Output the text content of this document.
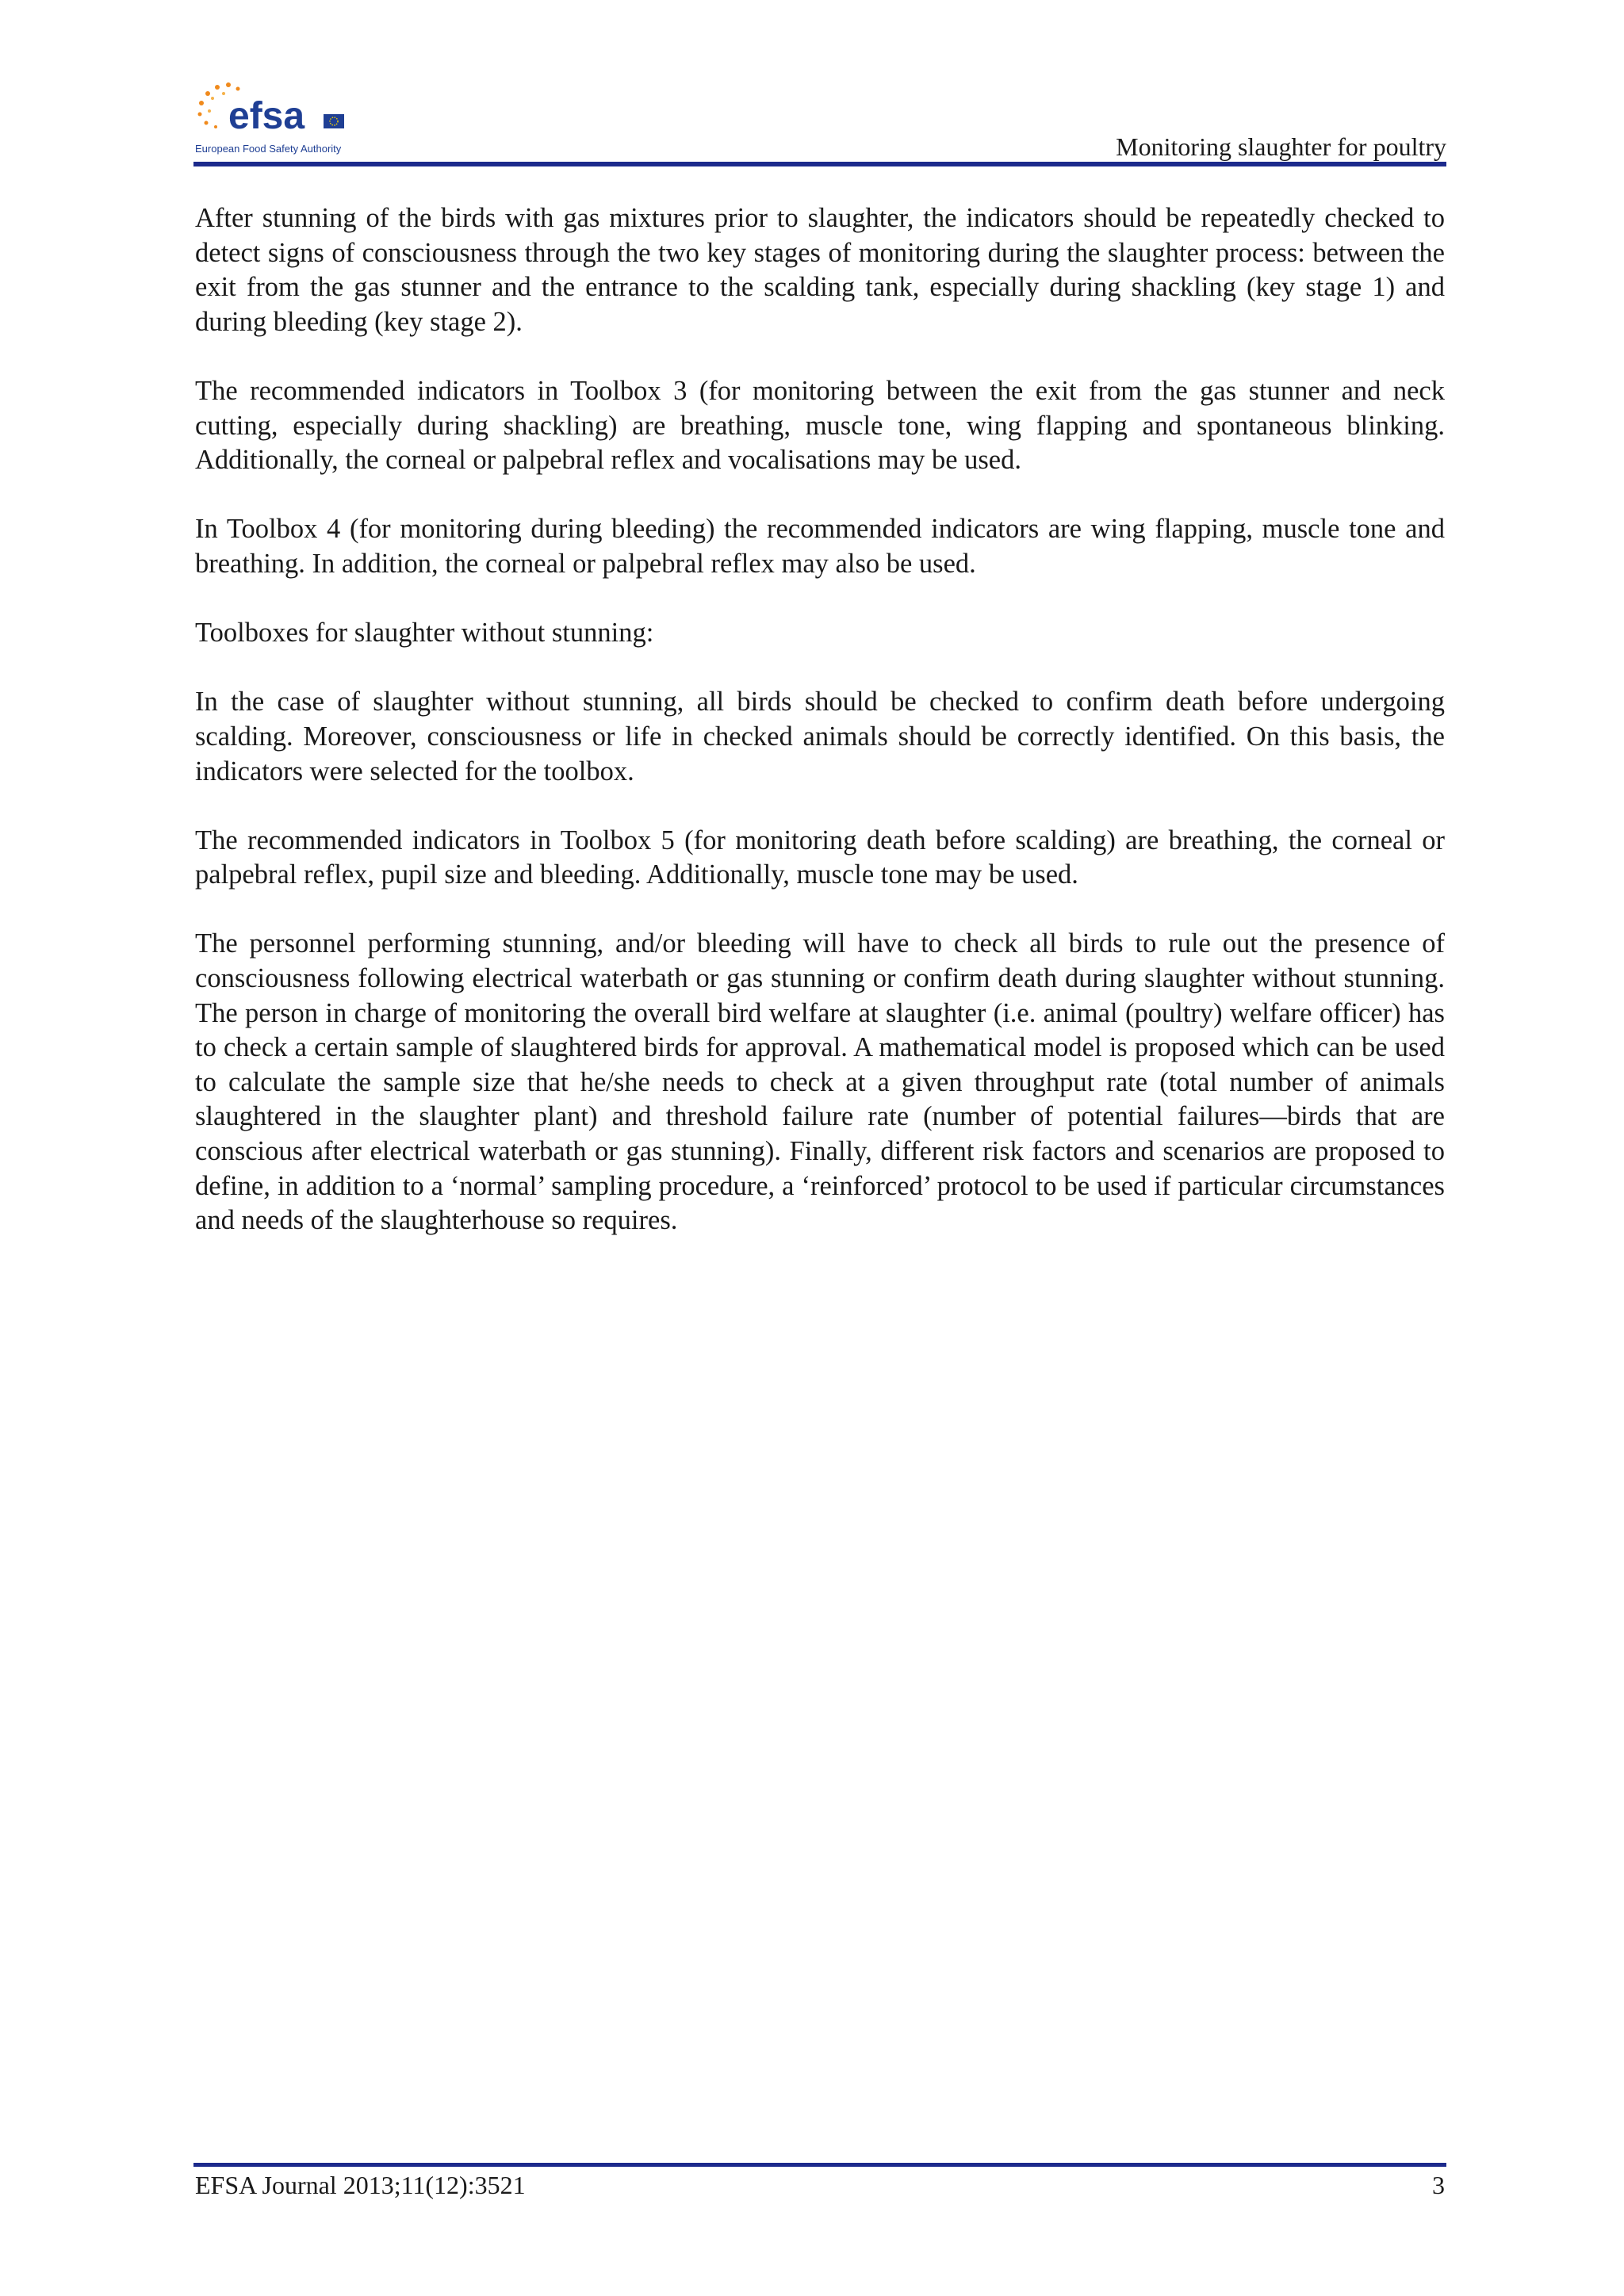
efsa
European Food Safety Authority	Monitoring slaughter for poultry

After stunning of the birds with gas mixtures prior to slaughter, the indicators should be repeatedly checked to detect signs of consciousness through the two key stages of monitoring during the slaughter process: between the exit from the gas stunner and the entrance to the scalding tank, especially during shackling (key stage 1) and during bleeding (key stage 2).

The recommended indicators in Toolbox 3 (for monitoring between the exit from the gas stunner and neck cutting, especially during shackling) are breathing, muscle tone, wing flapping and spontaneous blinking. Additionally, the corneal or palpebral reflex and vocalisations may be used.

In Toolbox 4 (for monitoring during bleeding) the recommended indicators are wing flapping, muscle tone and breathing. In addition, the corneal or palpebral reflex may also be used.

Toolboxes for slaughter without stunning:

In the case of slaughter without stunning, all birds should be checked to confirm death before undergoing scalding. Moreover, consciousness or life in checked animals should be correctly identified. On this basis, the indicators were selected for the toolbox.

The recommended indicators in Toolbox 5 (for monitoring death before scalding) are breathing, the corneal or palpebral reflex, pupil size and bleeding. Additionally, muscle tone may be used.

The personnel performing stunning, and/or bleeding will have to check all birds to rule out the presence of consciousness following electrical waterbath or gas stunning or confirm death during slaughter without stunning. The person in charge of monitoring the overall bird welfare at slaughter (i.e. animal (poultry) welfare officer) has to check a certain sample of slaughtered birds for approval. A mathematical model is proposed which can be used to calculate the sample size that he/she needs to check at a given throughput rate (total number of animals slaughtered in the slaughter plant) and threshold failure rate (number of potential failures—birds that are conscious after electrical waterbath or gas stunning). Finally, different risk factors and scenarios are proposed to define, in addition to a ‘normal’ sampling procedure, a ‘reinforced’ protocol to be used if particular circumstances and needs of the slaughterhouse so requires.

EFSA Journal 2013;11(12):3521	3
